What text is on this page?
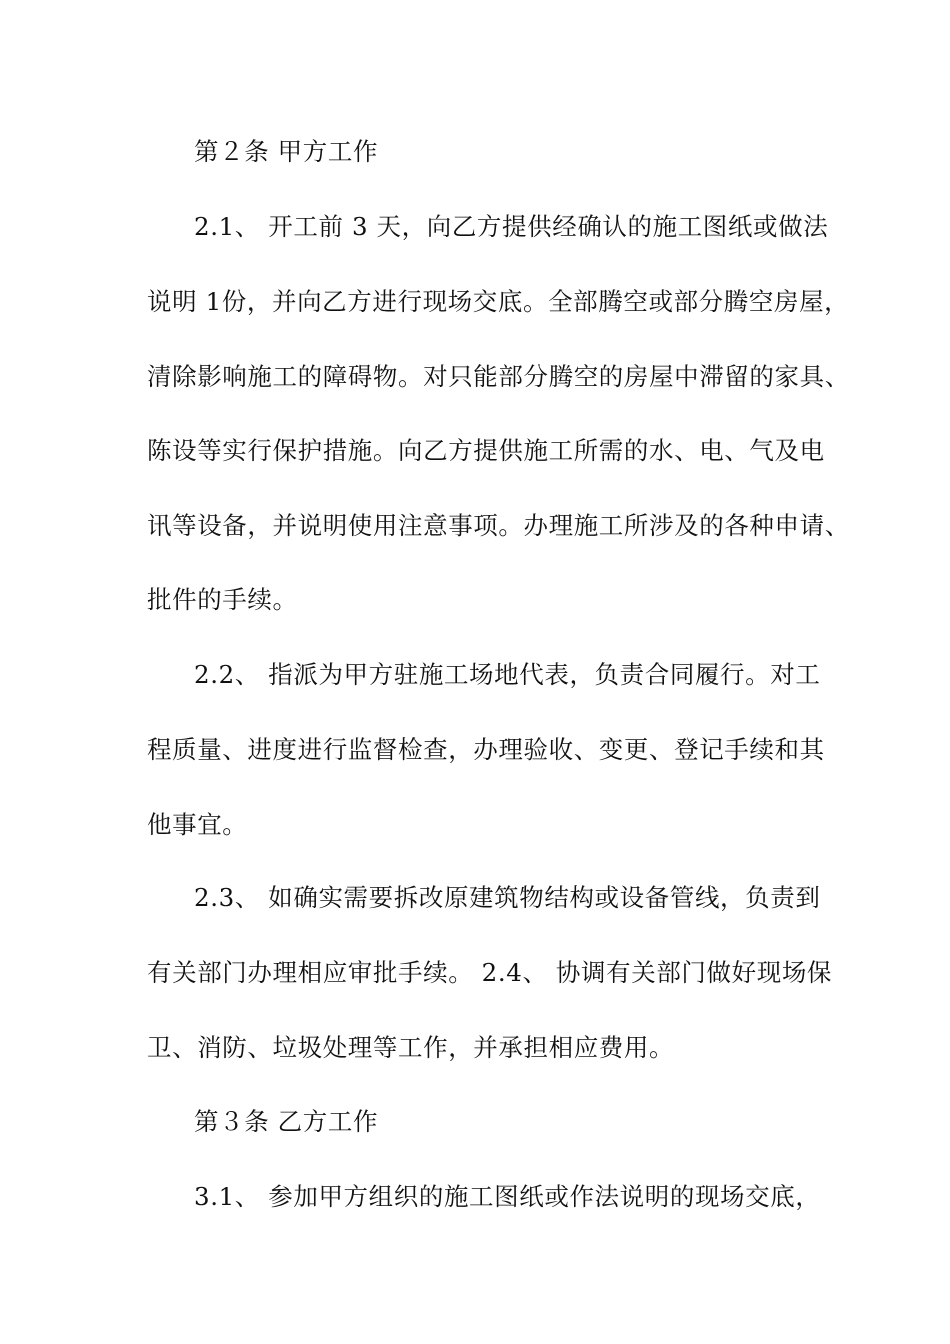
第２条 甲方工作
2.1、 开工前 3 天，向乙方提供经确认的施工图纸或做法
说明 1份，并向乙方进行现场交底。全部腾空或部分腾空房屋，
清除影响施工的障碍物。对只能部分腾空的房屋中滞留的家具、
陈设等实行保护措施。向乙方提供施工所需的水、电、气及电
讯等设备，并说明使用注意事项。办理施工所涉及的各种申请、
批件的手续。
2.2、 指派为甲方驻施工场地代表，负责合同履行。对工
程质量、进度进行监督检查，办理验收、变更、登记手续和其
他事宜。
2.3、 如确实需要拆改原建筑物结构或设备管线，负责到
有关部门办理相应审批手续。 2.4、 协调有关部门做好现场保
卫、消防、垃圾处理等工作，并承担相应费用。
第３条 乙方工作
3.1、 参加甲方组织的施工图纸或作法说明的现场交底，
